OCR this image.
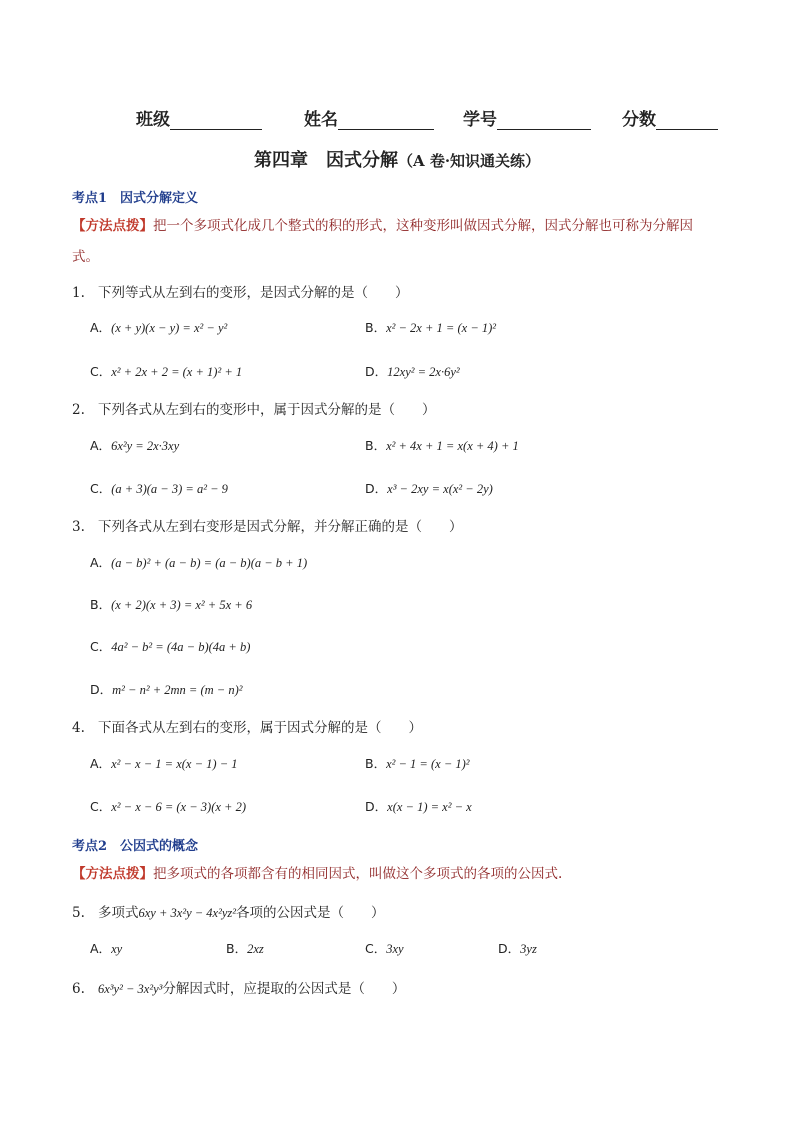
班级	姓名	学号	分数
第四章　因式分解（A 卷·知识通关练）
考点1　因式分解定义
【方法点拨】把一个多项式化成几个整式的积的形式，这种变形叫做因式分解，因式分解也可称为分解因
式。
1. 下列等式从左到右的变形，是因式分解的是（　　）
A．(x + y)(x − y) = x² − y²	B．x² − 2x + 1 = (x − 1)²
C．x² + 2x + 2 = (x + 1)² + 1	D．12xy² = 2x·6y²
2. 下列各式从左到右的变形中，属于因式分解的是（　　）
A．6x²y = 2x·3xy	B．x² + 4x + 1 = x(x + 4) + 1
C．(a + 3)(a − 3) = a² − 9	D．x³ − 2xy = x(x² − 2y)
3. 下列各式从左到右变形是因式分解，并分解正确的是（　　）
A．(a − b)² + (a − b) = (a − b)(a − b + 1)
B．(x + 2)(x + 3) = x² + 5x + 6
C．4a² − b² = (4a − b)(4a + b)
D．m² − n² + 2mn = (m − n)²
4. 下面各式从左到右的变形，属于因式分解的是（　　）
A．x² − x − 1 = x(x − 1) − 1	B．x² − 1 = (x − 1)²
C．x² − x − 6 = (x − 3)(x + 2)	D．x(x − 1) = x² − x
考点2　公因式的概念
【方法点拨】把多项式的各项都含有的相同因式，叫做这个多项式的各项的公因式.
5. 多项式6xy + 3x²y − 4x²yz²各项的公因式是（　　）
A．xy	B．2xz	C．3xy	D．3yz
6. 6x³y² − 3x²y³分解因式时，应提取的公因式是（　　）
